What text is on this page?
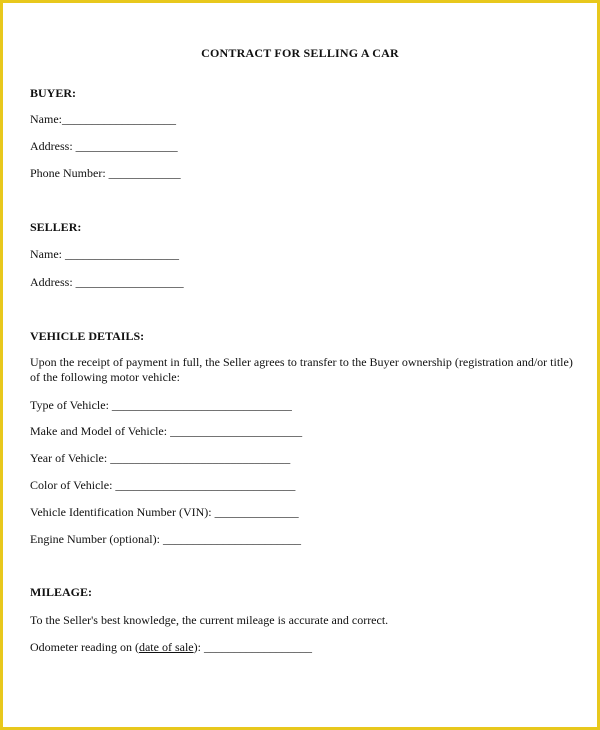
CONTRACT FOR SELLING A CAR
BUYER:
Name:___________________
Address: _________________
Phone Number: ____________
SELLER:
Name: ___________________
Address: __________________
VEHICLE DETAILS:
Upon the receipt of payment in full, the Seller agrees to transfer to the Buyer ownership (registration and/or title) of the following motor vehicle:
Type of Vehicle: ______________________________
Make and Model of Vehicle: ______________________
Year of Vehicle: ______________________________
Color of Vehicle: ______________________________
Vehicle Identification Number (VIN): ______________
Engine Number (optional): _______________________
MILEAGE:
To the Seller's best knowledge, the current mileage is accurate and correct.
Odometer reading on (date of sale): __________________
